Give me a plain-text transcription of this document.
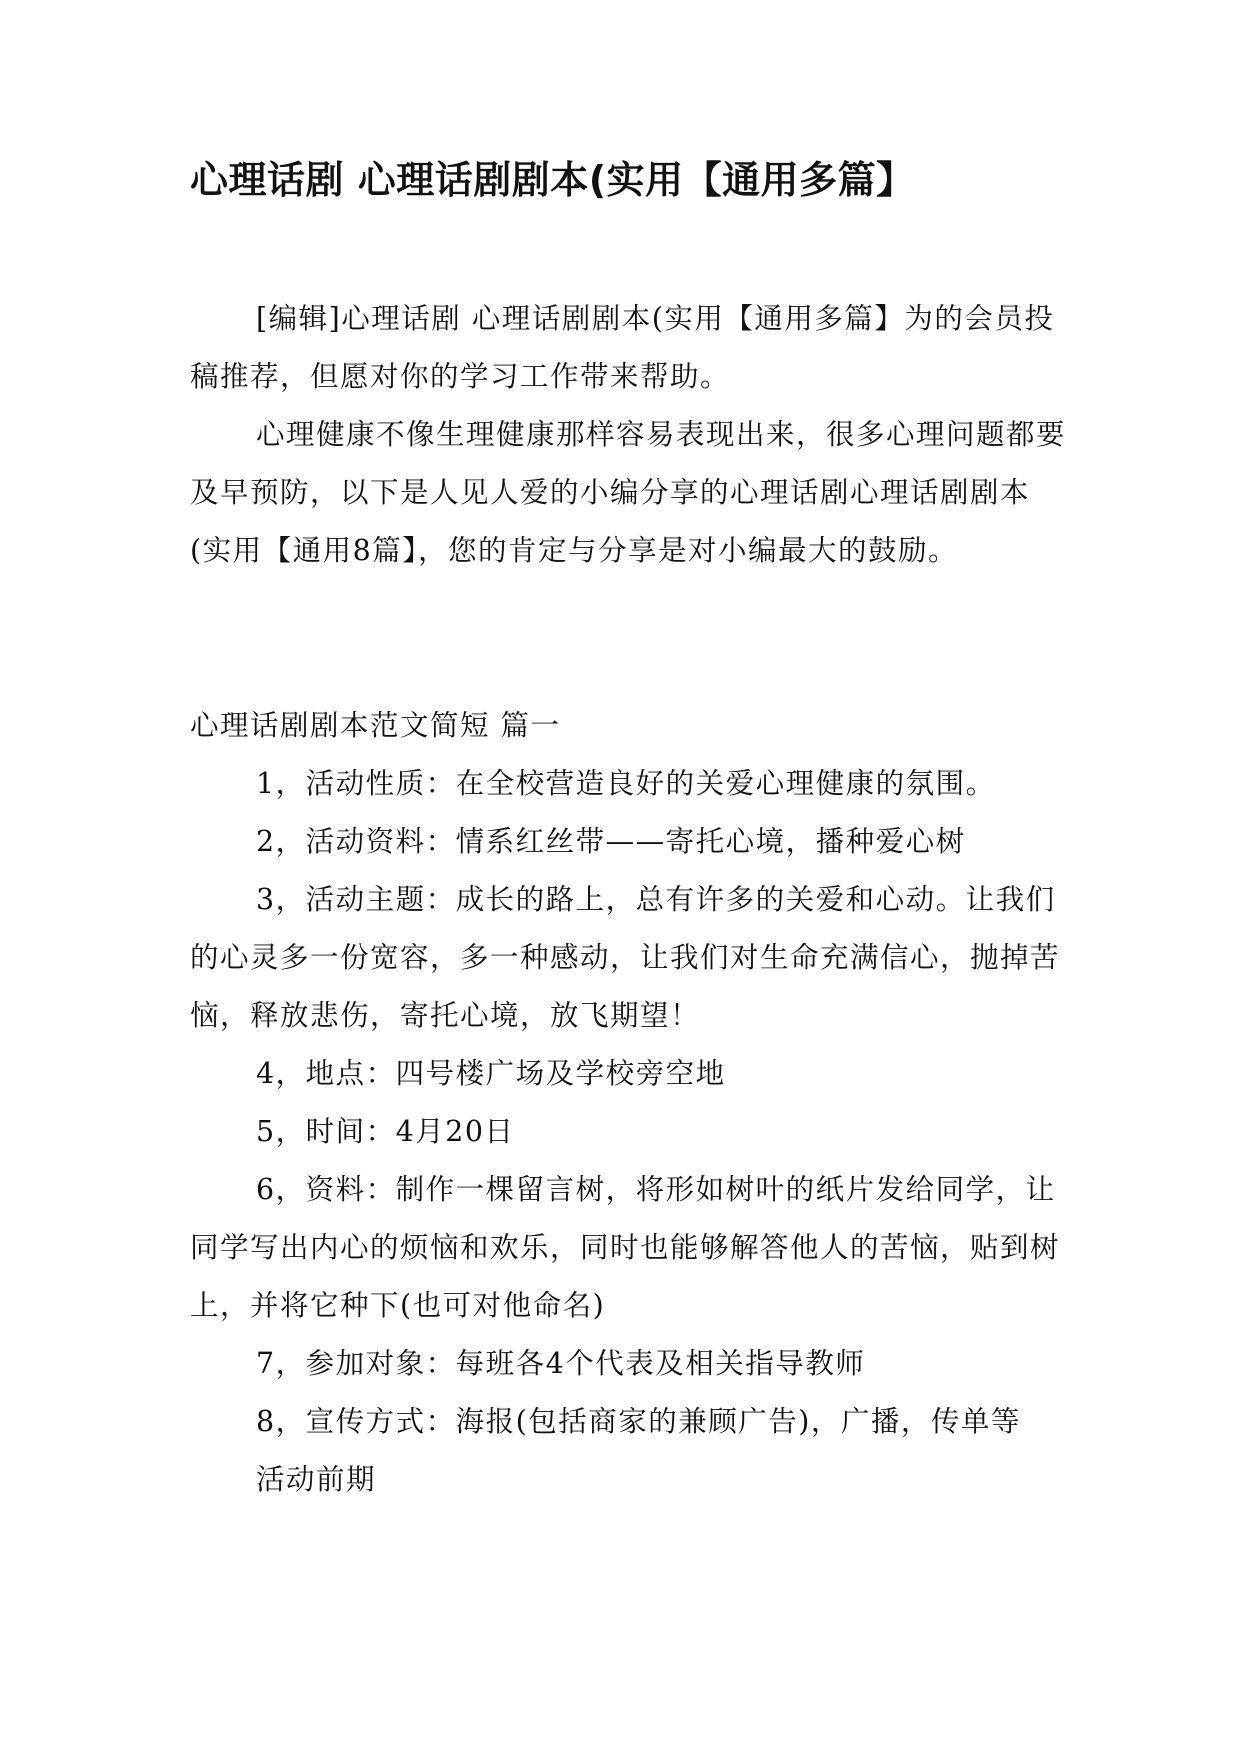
心理话剧 心理话剧剧本(实用【通用多篇】

[编辑]心理话剧 心理话剧剧本(实用【通用多篇】为的会员投稿推荐，但愿对你的学习工作带来帮助。

心理健康不像生理健康那样容易表现出来，很多心理问题都要及早预防，以下是人见人爱的小编分享的心理话剧心理话剧剧本(实用【通用8篇】，您的肯定与分享是对小编最大的鼓励。

心理话剧剧本范文简短 篇一

1，活动性质：在全校营造良好的关爱心理健康的氛围。

2，活动资料：情系红丝带——寄托心境，播种爱心树

3，活动主题：成长的路上，总有许多的关爱和心动。让我们的心灵多一份宽容，多一种感动，让我们对生命充满信心，抛掉苦恼，释放悲伤，寄托心境，放飞期望！

4，地点：四号楼广场及学校旁空地

5，时间：4月20日

6，资料：制作一棵留言树，将形如树叶的纸片发给同学，让同学写出内心的烦恼和欢乐，同时也能够解答他人的苦恼，贴到树上，并将它种下(也可对他命名)

7，参加对象：每班各4个代表及相关指导教师

8，宣传方式：海报(包括商家的兼顾广告)，广播，传单等

活动前期
